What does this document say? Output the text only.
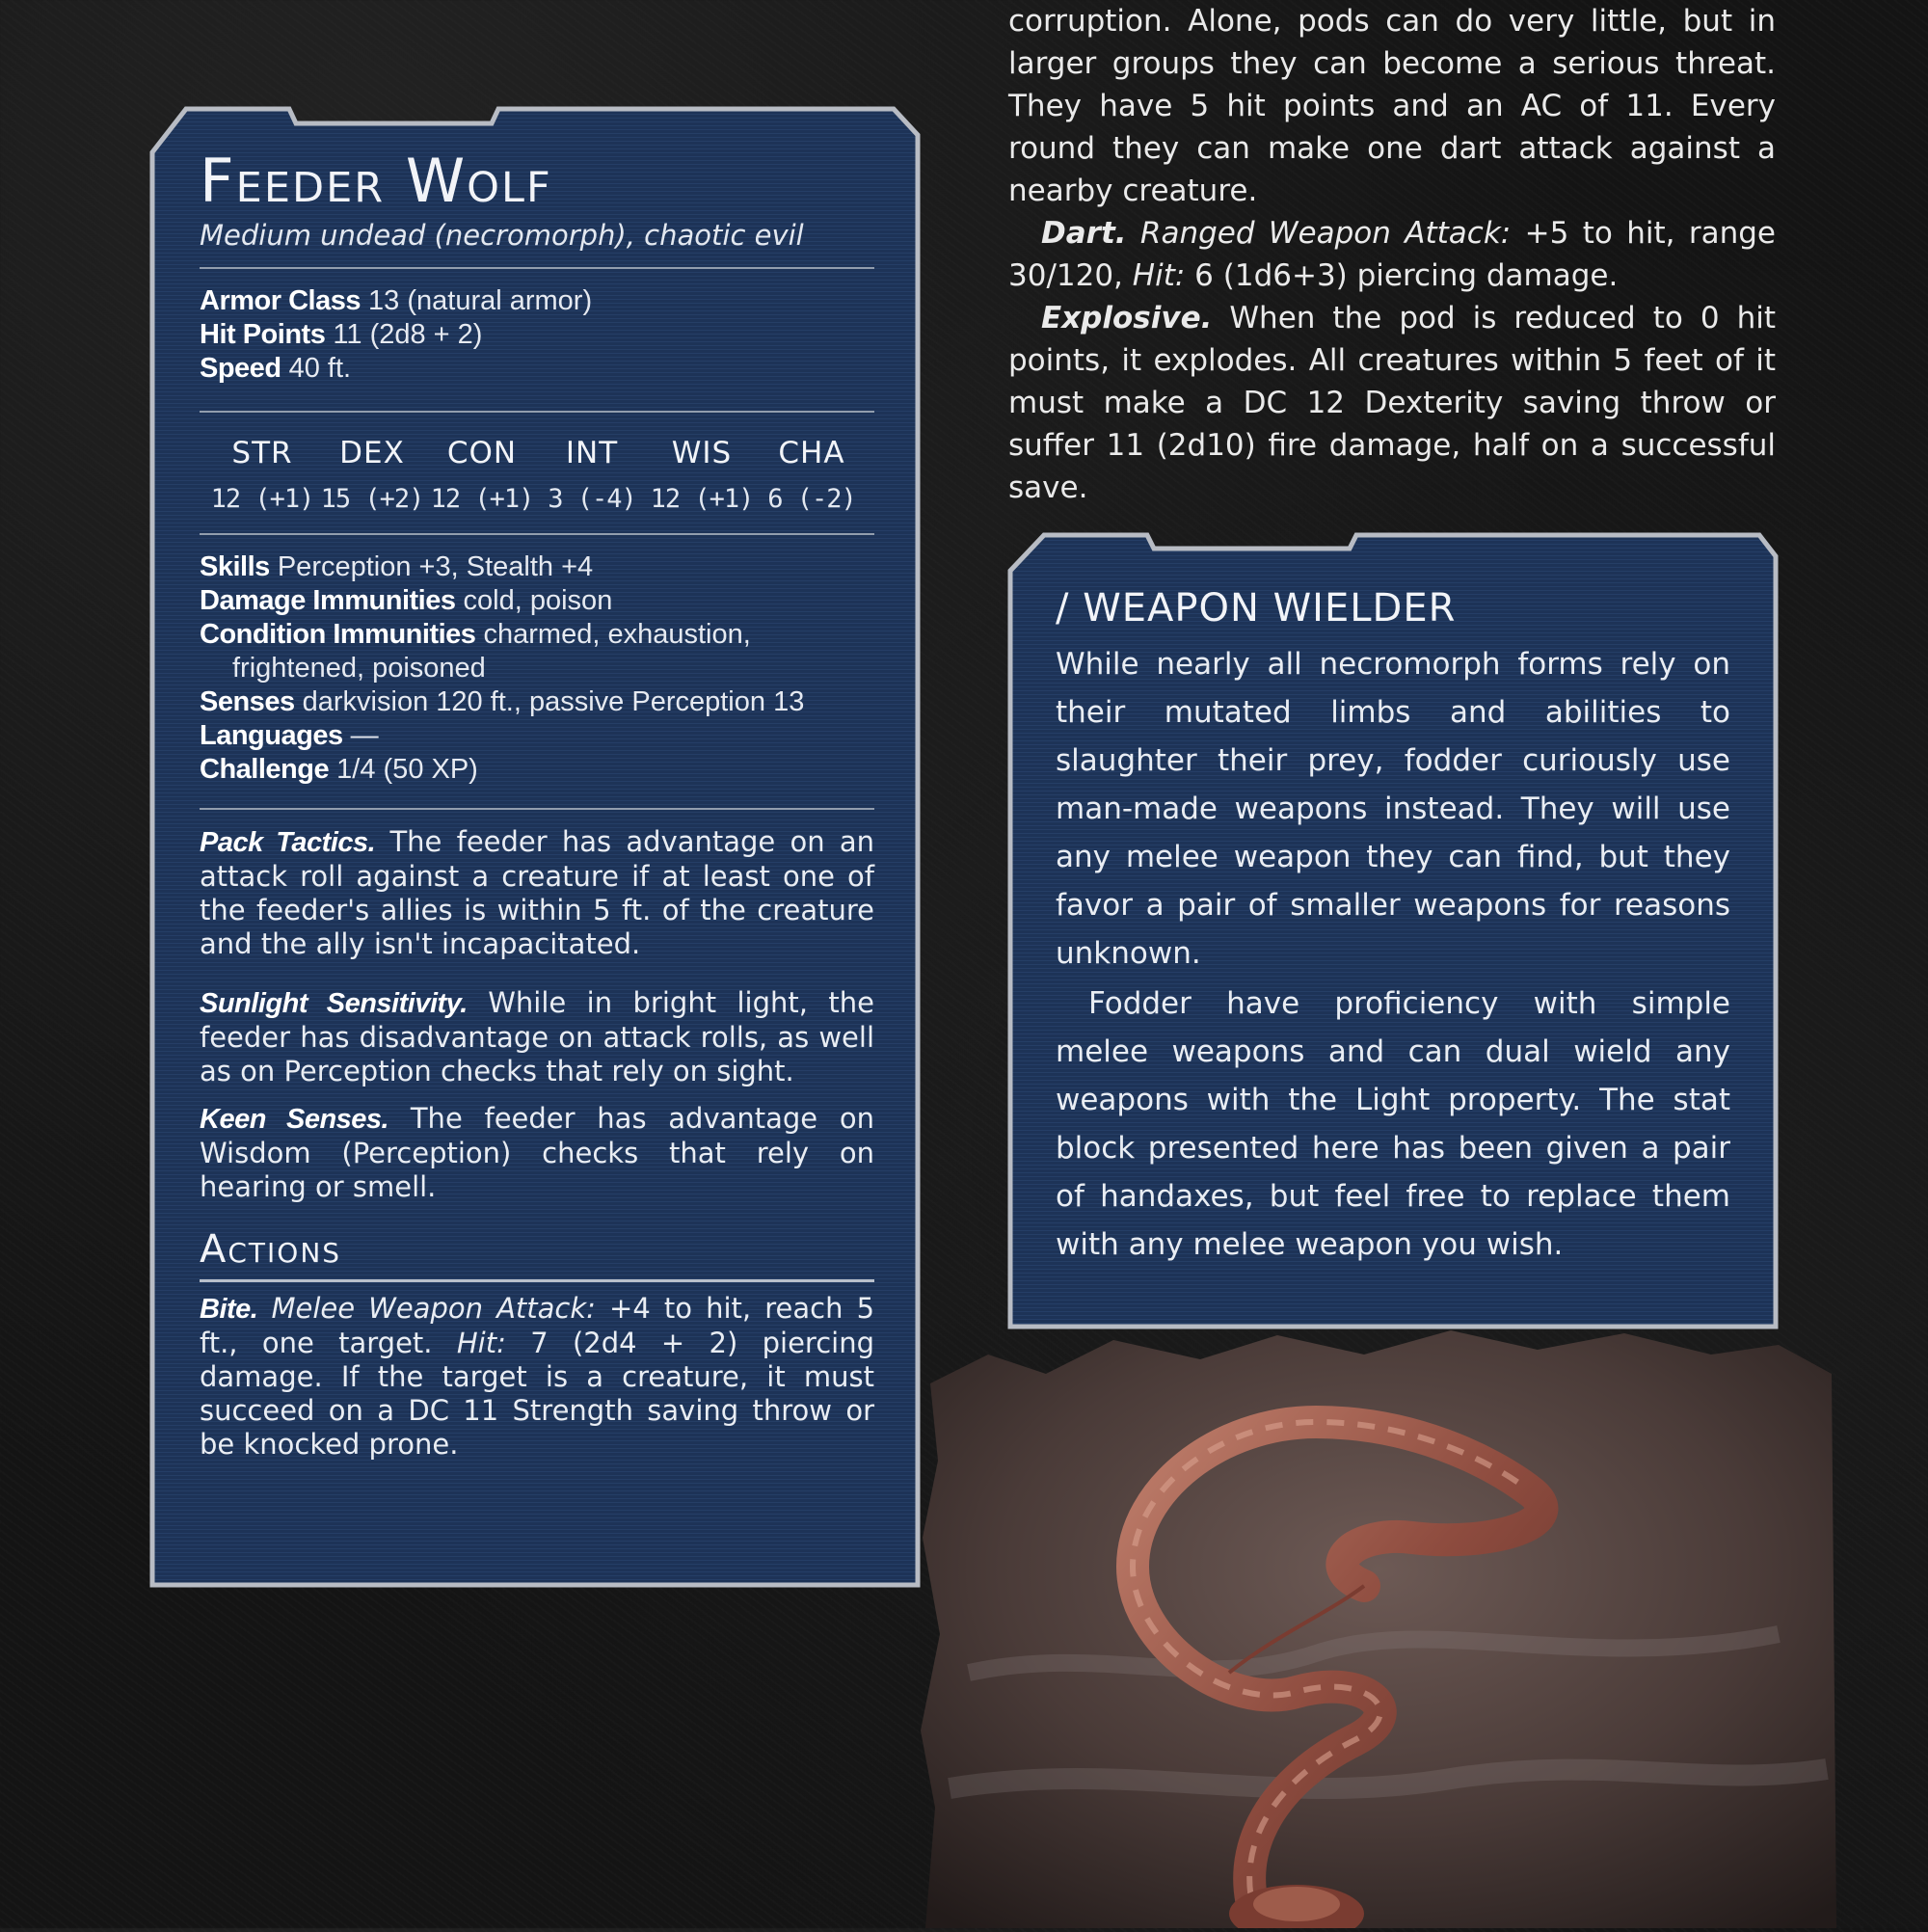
Feeder Wolf
Medium undead (necromorph), chaotic evil
Armor Class 13 (natural armor)
Hit Points 11 (2d8 + 2)
Speed 40 ft.
STR
12 (+1)
DEX
15 (+2)
CON
12 (+1)
INT
3 (-4)
WIS
12 (+1)
CHA
6 (-2)
Skills Perception +3, Stealth +4
Damage Immunities cold, poison
Condition Immunities charmed, exhaustion,
frightened, poisoned
Senses darkvision 120 ft., passive Perception 13
Languages —
Challenge 1/4 (50 XP)
Pack Tactics. The feeder has advantage on an attack roll against a creature if at least one of the feeder's allies is within 5 ft. of the creature and the ally isn't incapacitated.
Sunlight Sensitivity. While in bright light, the feeder has disadvantage on attack rolls, as well as on Perception checks that rely on sight.
Keen Senses. The feeder has advantage on Wisdom (Perception) checks that rely on hearing or smell.
Actions
Bite. Melee Weapon Attack: +4 to hit, reach 5 ft., one target. Hit: 7 (2d4 + 2) piercing damage. If the target is a creature, it must succeed on a DC 11 Strength saving throw or be knocked prone.

corruption. Alone, pods can do very little, but in larger groups they can become a serious threat. They have 5 hit points and an AC of 11. Every round they can make one dart attack against a nearby creature.

Dart. Ranged Weapon Attack: +5 to hit, range 30/120, Hit: 6 (1d6+3) piercing damage.

Explosive. When the pod is reduced to 0 hit points, it explodes. All creatures within 5 feet of it must make a DC 12 Dexterity saving throw or suffer 11 (2d10) fire damage, half on a successful save.

/ WEAPON WIELDER

While nearly all necromorph forms rely on their mutated limbs and abilities to slaughter their prey, fodder curiously use man-made weapons instead. They will use any melee weapon they can find, but they favor a pair of smaller weapons for reasons unknown.

Fodder have proficiency with simple melee weapons and can dual wield any weapons with the Light property. The stat block presented here has been given a pair of handaxes, but feel free to replace them with any melee weapon you wish.
